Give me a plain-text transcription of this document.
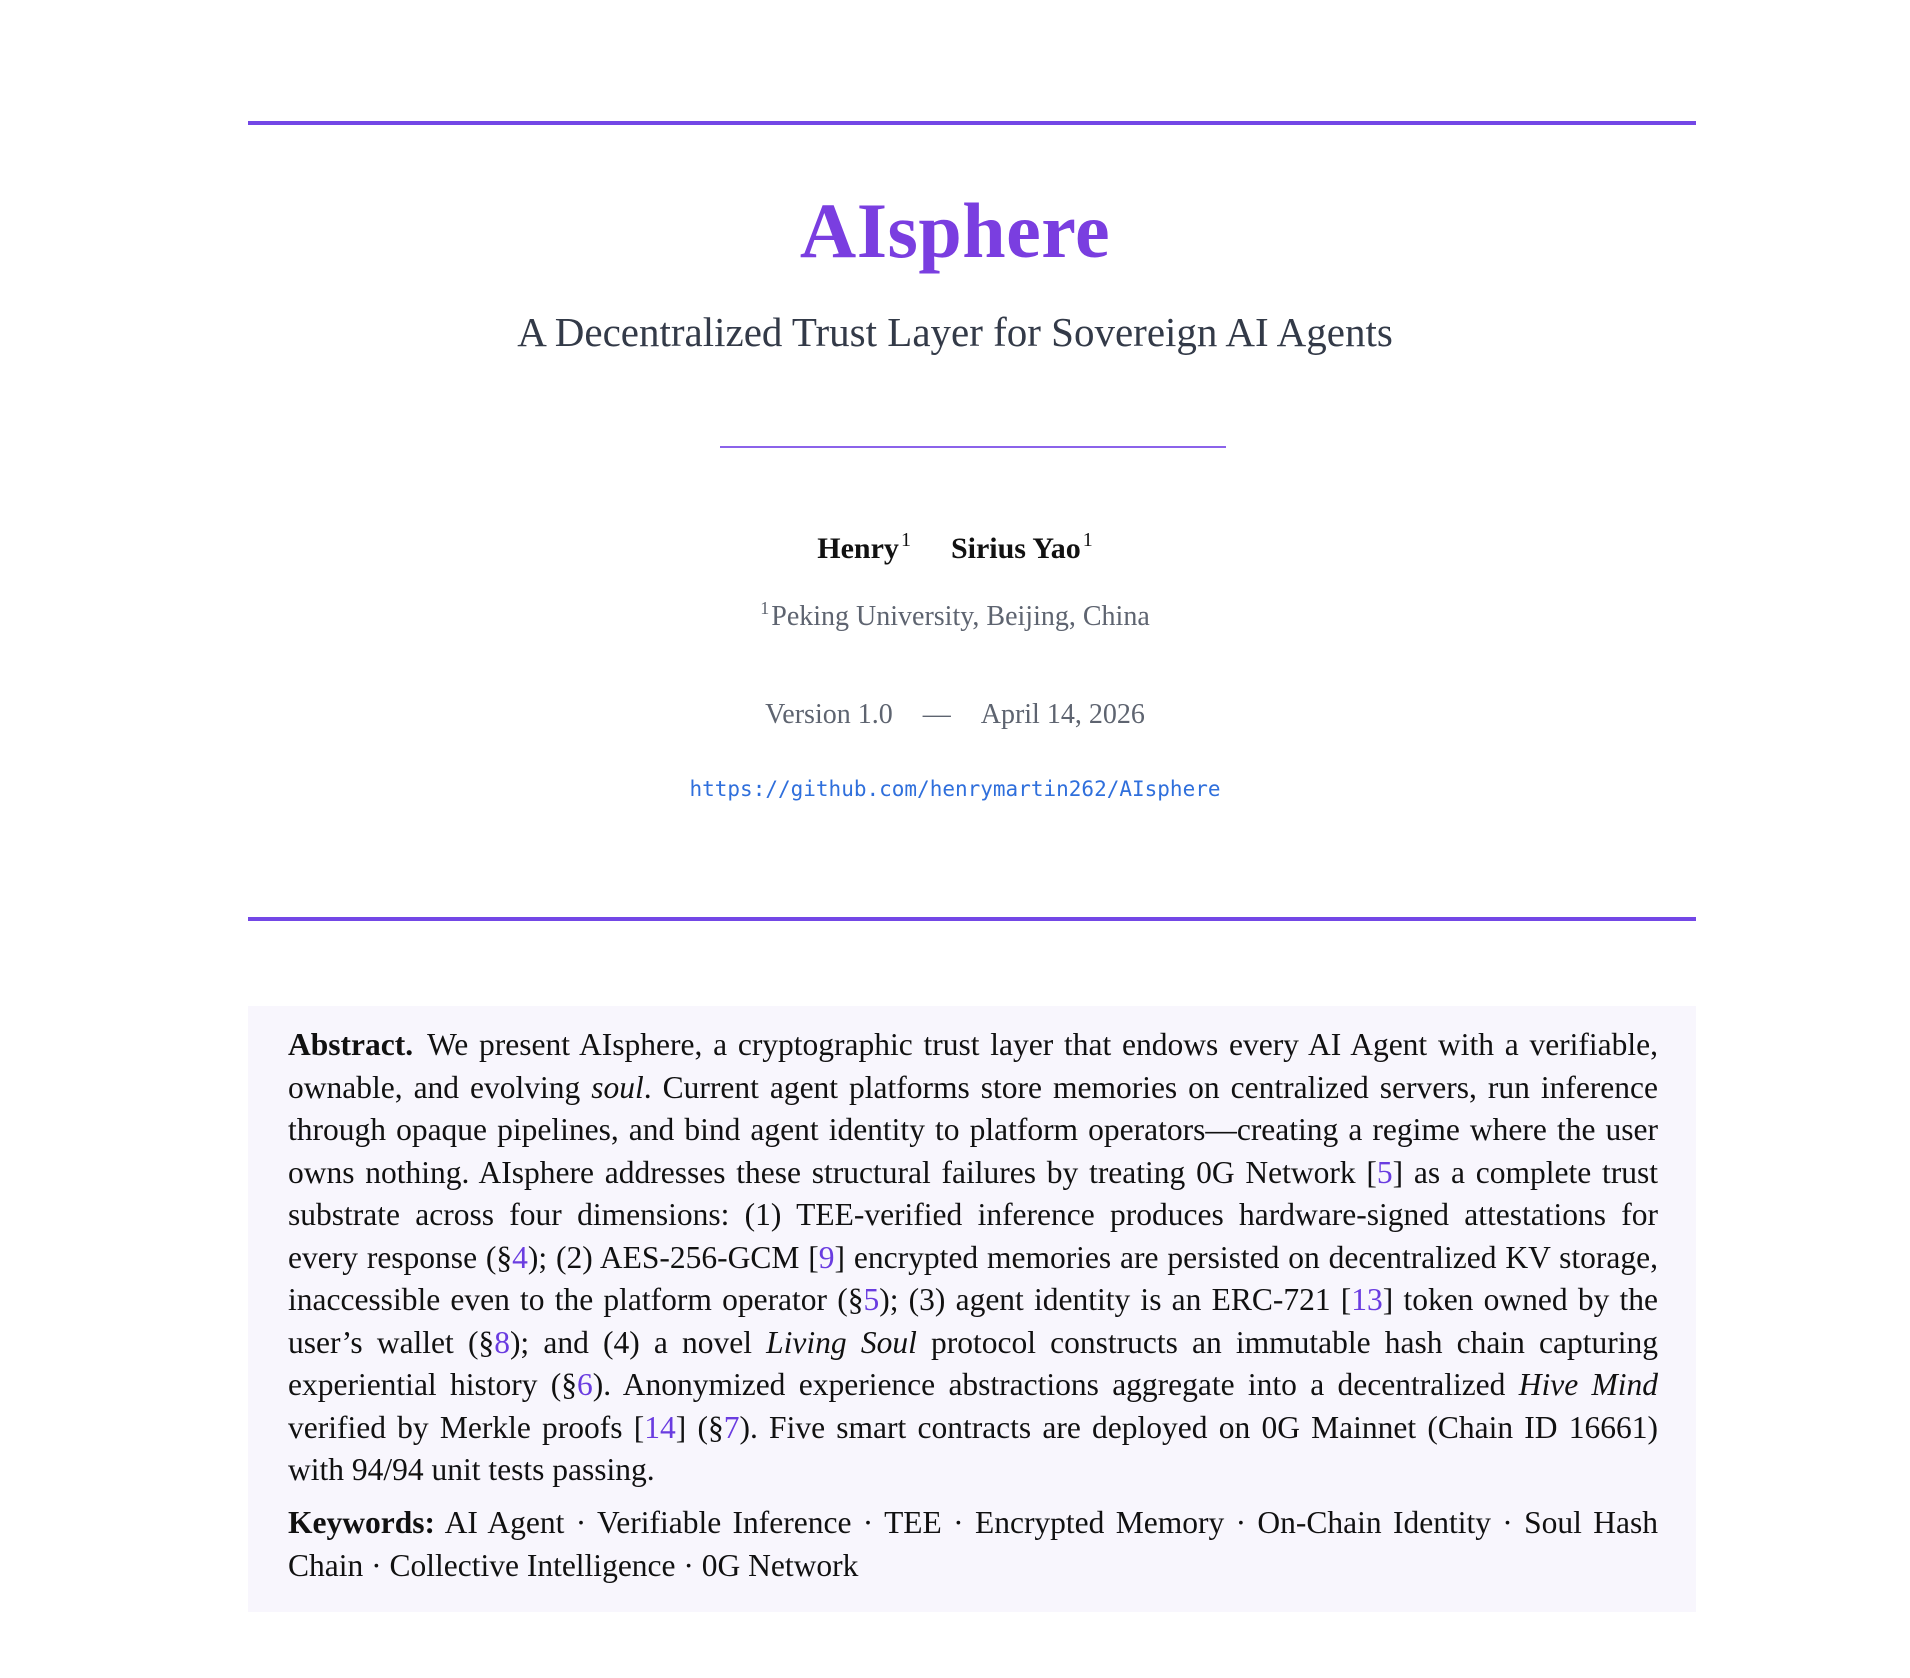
AIsphere
A Decentralized Trust Layer for Sovereign AI Agents
Henry $^1$ Sirius Yao $^1$
$^1$Peking University, Beijing, China
Version 1.0 — April 14, 2026
https://github.com/henrymartin262/AIsphere
Abstract. We present AIsphere, a cryptographic trust layer that endows every AI Agent with a verifiable, ownable, and evolving soul. Current agent platforms store memories on centralized servers, run inference through opaque pipelines, and bind agent identity to platform operators—creating a regime where the user owns nothing. AIsphere addresses these structural failures by treating 0G Network [5] as a complete trust substrate across four dimensions: (1) TEE-verified inference produces hardware-signed attestations for every response (§4); (2) AES-256-GCM [9] encrypted memories are persisted on decentralized KV storage, inaccessible even to the platform operator (§5); (3) agent identity is an ERC-721 [13] token owned by the user’s wallet (§8); and (4) a novel Living Soul protocol constructs an immutable hash chain capturing experiential history (§6). Anonymized experience abstractions aggregate into a decentralized Hive Mind verified by Merkle proofs [14] (§7). Five smart contracts are deployed on 0G Mainnet (Chain ID 16661) with 94/94 unit tests passing.
Keywords: AI Agent · Verifiable Inference · TEE · Encrypted Memory · On-Chain Identity · Soul Hash Chain · Collective Intelligence · 0G Network
